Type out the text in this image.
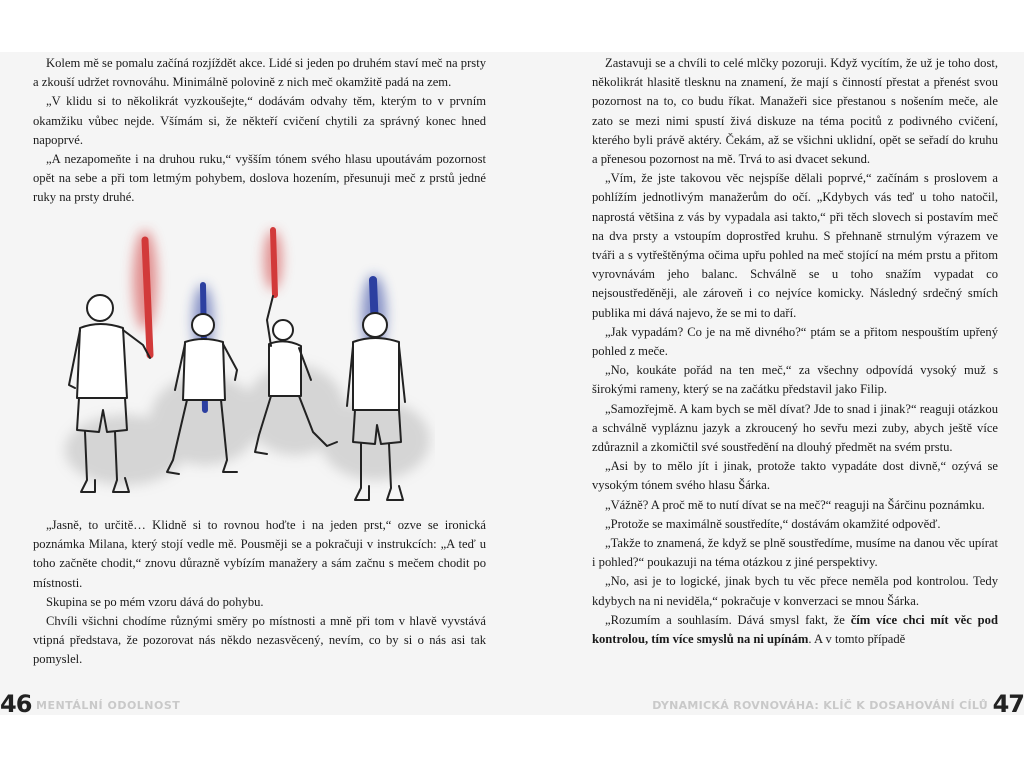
Kolem mě se pomalu začíná rozjíždět akce. Lidé si jeden po druhém staví meč na prsty a zkouší udržet rovnováhu. Minimálně polovině z nich meč okamžitě padá na zem.

„V klidu si to několikrát vyzkoušejte,“ dodávám odvahy těm, kterým to v prvním okamžiku vůbec nejde. Všímám si, že někteří cvičení chytili za správný konec hned napoprvé.

„A nezapomeňte i na druhou ruku,“ vyšším tónem svého hlasu upoutávám pozornost opět na sebe a při tom letmým pohybem, doslova hozením, přesunuji meč z prstů jedné ruky na prsty druhé.

„Jasně, to určitě… Klidně si to rovnou hoďte i na jeden prst,“ ozve se ironická poznámka Milana, který stojí vedle mě. Pousměji se a pokračuji v instrukcích: „A teď u toho začněte chodit,“ znovu důrazně vybízím manažery a sám začnu s mečem chodit po místnosti.

Skupina se po mém vzoru dává do pohybu.

Chvíli všichni chodíme různými směry po místnosti a mně při tom v hlavě vyvstává vtipná představa, že pozorovat nás někdo nezasvěcený, nevím, co by si o nás asi tak pomyslel.

Zastavuji se a chvíli to celé mlčky pozoruji. Když vycítím, že už je toho dost, několikrát hlasitě tlesknu na znamení, že mají s činností přestat a přenést svou pozornost na to, co budu říkat. Manažeři sice přestanou s nošením meče, ale zato se mezi nimi spustí živá diskuze na téma pocitů z podivného cvičení, kterého byli právě aktéry. Čekám, až se všichni uklidní, opět se seřadí do kruhu a přenesou pozornost na mě. Trvá to asi dvacet sekund.

„Vím, že jste takovou věc nejspíše dělali poprvé,“ začínám s proslovem a pohlížím jednotlivým manažerům do očí. „Kdybych vás teď u toho natočil, naprostá většina z vás by vypadala asi takto,“ při těch slovech si postavím meč na dva prsty a vstoupím doprostřed kruhu. S přehnaně strnulým výrazem ve tváři a s vytřeštěnýma očima upřu pohled na meč stojící na mém prstu a přitom vyrovnávám jeho balanc. Schválně se u toho snažím vypadat co nejsoustředěněji, ale zároveň i co nejvíce komicky. Následný srdečný smích publika mi dává najevo, že se mi to daří.

„Jak vypadám? Co je na mě divného?“ ptám se a přitom nespouštím upřený pohled z meče.

„No, koukáte pořád na ten meč,“ za všechny odpovídá vysoký muž s širokými rameny, který se na začátku představil jako Filip.

„Samozřejmě. A kam bych se měl dívat? Jde to snad i jinak?“ reaguji otázkou a schválně vypláznu jazyk a zkroucený ho sevřu mezi zuby, abych ještě více zdůraznil a zkomičtil své soustředění na dlouhý předmět na svém prstu.

„Asi by to mělo jít i jinak, protože takto vypadáte dost divně,“ ozývá se vysokým tónem svého hlasu Šárka.

„Vážně? A proč mě to nutí dívat se na meč?“ reaguji na Šárčinu poznámku.

„Protože se maximálně soustředíte,“ dostávám okamžité odpověď.

„Takže to znamená, že když se plně soustředíme, musíme na danou věc upírat i pohled?“ poukazuji na téma otázkou z jiné perspektivy.

„No, asi je to logické, jinak bych tu věc přece neměla pod kontrolou. Tedy kdybych na ni neviděla,“ pokračuje v konverzaci se mnou Šárka.

„Rozumím a souhlasím. Dává smysl fakt, že čím více chci mít věc pod kontrolou, tím více smyslů na ni upínám. A v tomto případě

46 MENTÁLNÍ ODOLNOST	DYNAMICKÁ ROVNOVÁHA: KLÍČ K DOSAHOVÁNÍ CÍLŮ 47
